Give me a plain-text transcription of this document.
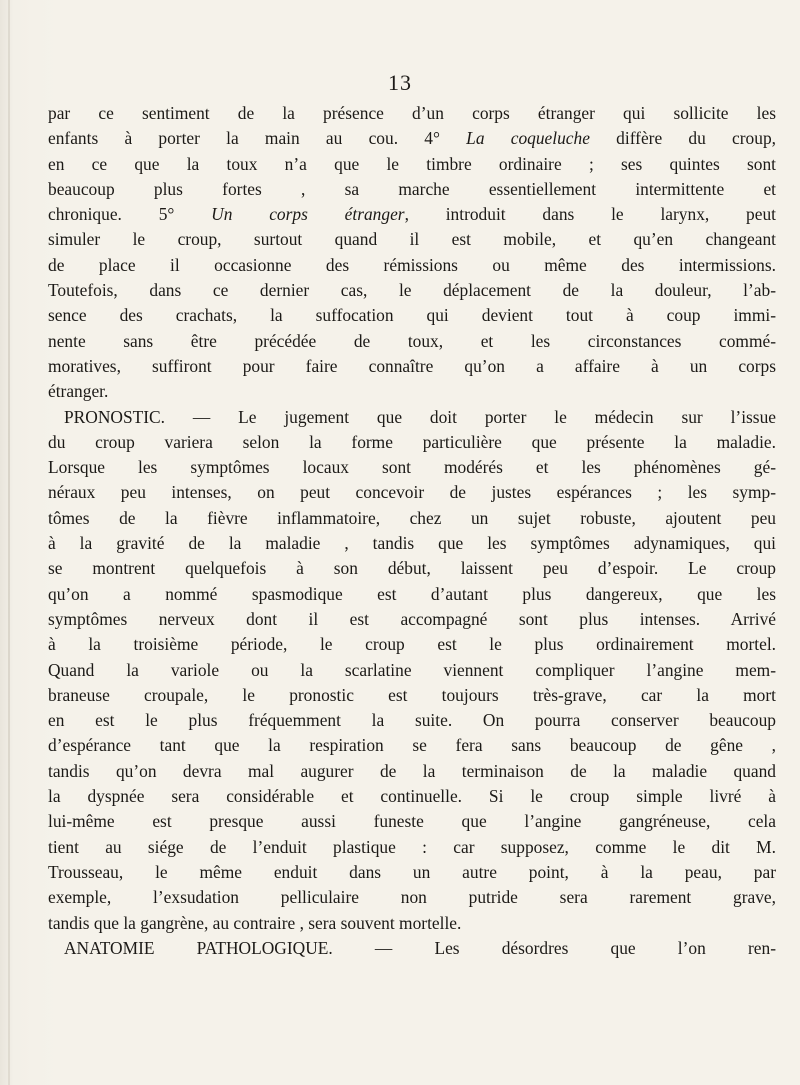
13
par ce sentiment de la présence d’un corps étranger qui sollicite les
enfants à porter la main au cou. 4° La coqueluche diffère du croup,
en ce que la toux n’a que le timbre ordinaire ; ses quintes sont
beaucoup plus fortes , sa marche essentiellement intermittente et
chronique. 5° Un corps étranger, introduit dans le larynx, peut
simuler le croup, surtout quand il est mobile, et qu’en changeant
de place il occasionne des rémissions ou même des intermissions.
Toutefois, dans ce dernier cas, le déplacement de la douleur, l’ab-
sence des crachats, la suffocation qui devient tout à coup immi-
nente sans être précédée de toux, et les circonstances commé-
moratives, suffiront pour faire connaître qu’on a affaire à un corps
étranger.
PRONOSTIC. — Le jugement que doit porter le médecin sur l’issue
du croup variera selon la forme particulière que présente la maladie.
Lorsque les symptômes locaux sont modérés et les phénomènes gé-
néraux peu intenses, on peut concevoir de justes espérances ; les symp-
tômes de la fièvre inflammatoire, chez un sujet robuste, ajoutent peu
à la gravité de la maladie , tandis que les symptômes adynamiques, qui
se montrent quelquefois à son début, laissent peu d’espoir. Le croup
qu’on a nommé spasmodique est d’autant plus dangereux, que les
symptômes nerveux dont il est accompagné sont plus intenses. Arrivé
à la troisième période, le croup est le plus ordinairement mortel.
Quand la variole ou la scarlatine viennent compliquer l’angine mem-
braneuse croupale, le pronostic est toujours très-grave, car la mort
en est le plus fréquemment la suite. On pourra conserver beaucoup
d’espérance tant que la respiration se fera sans beaucoup de gêne ,
tandis qu’on devra mal augurer de la terminaison de la maladie quand
la dyspnée sera considérable et continuelle. Si le croup simple livré à
lui-même est presque aussi funeste que l’angine gangréneuse, cela
tient au siége de l’enduit plastique : car supposez, comme le dit M.
Trousseau, le même enduit dans un autre point, à la peau, par
exemple, l’exsudation pelliculaire non putride sera rarement grave,
tandis que la gangrène, au contraire , sera souvent mortelle.
ANATOMIE PATHOLOGIQUE. — Les désordres que l’on ren-
